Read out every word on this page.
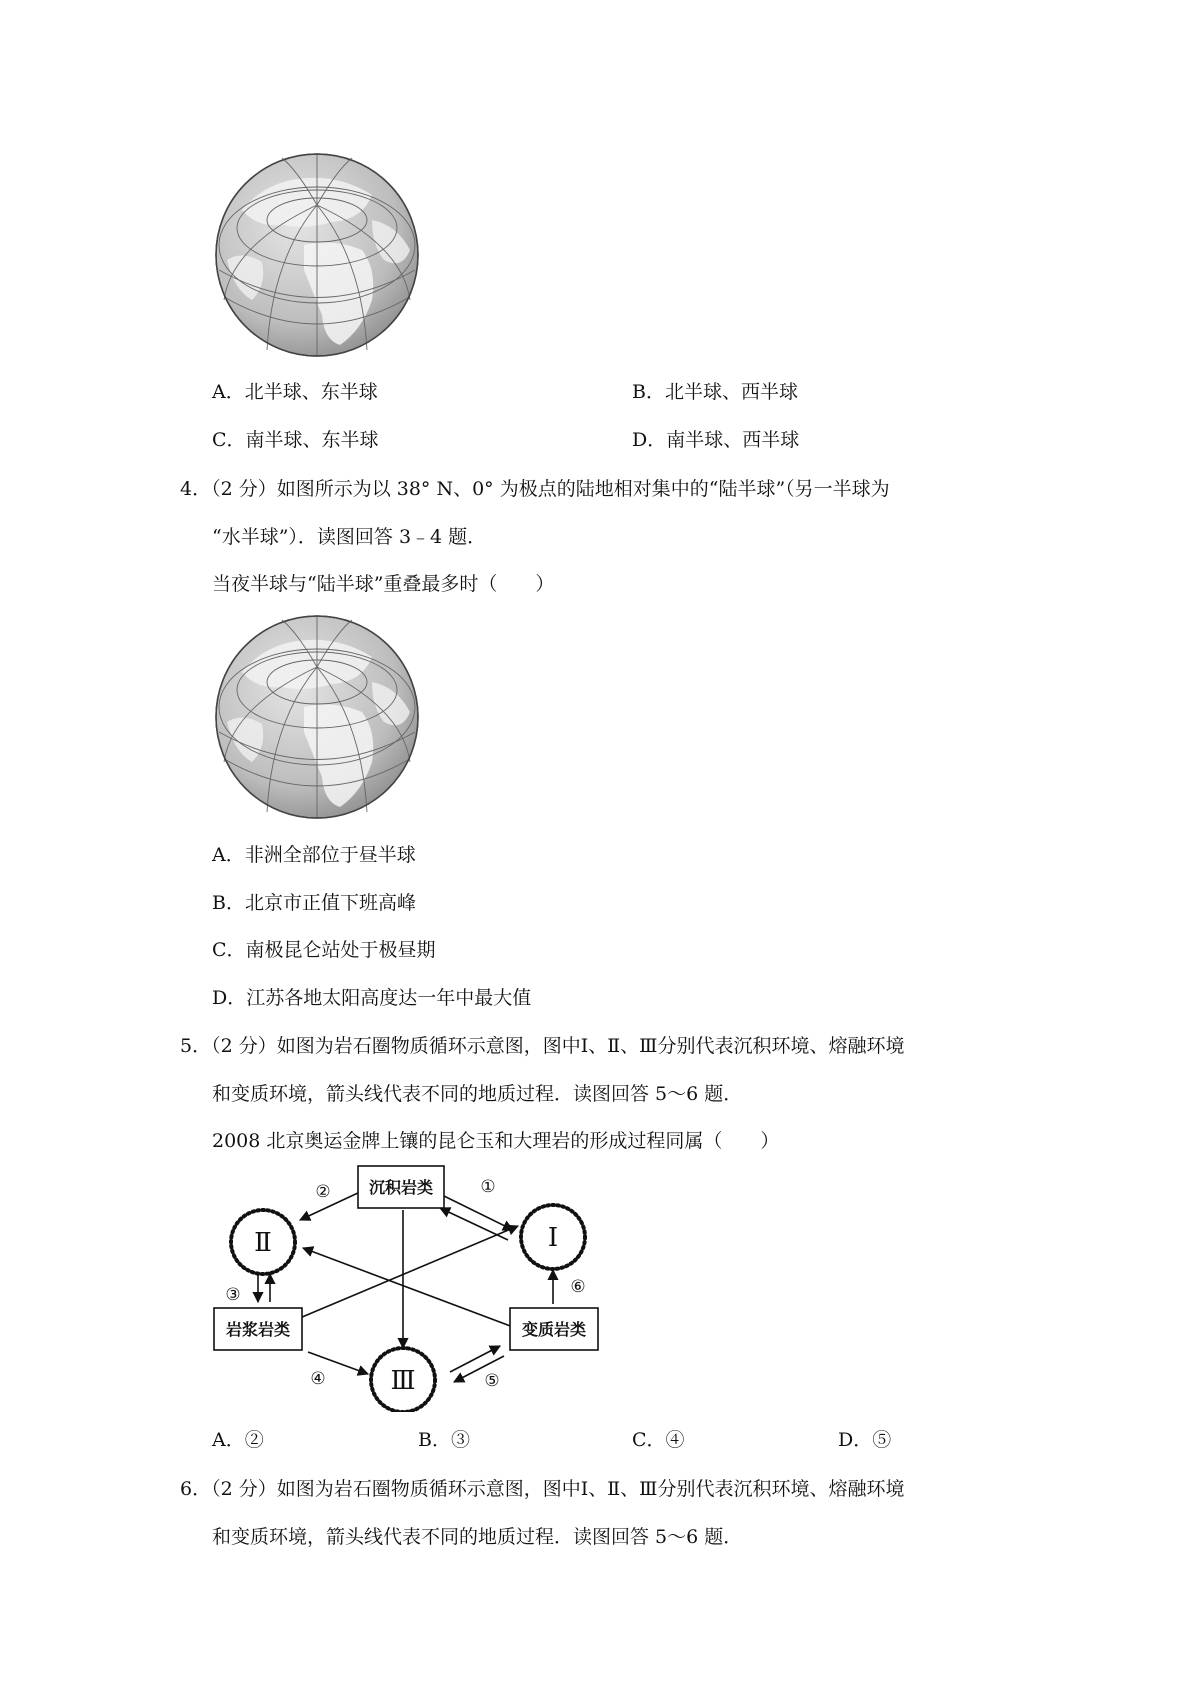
A．北半球、东半球	B．北半球、西半球
C．南半球、东半球	D．南半球、西半球
4．（2 分）如图所示为以 38° N、0° 为极点的陆地相对集中的“陆半球”（另一半球为
“水半球”）．读图回答 3﹣4 题．
当夜半球与“陆半球”重叠最多时（　　）
A．非洲全部位于昼半球
B．北京市正值下班高峰
C．南极昆仑站处于极昼期
D．江苏各地太阳高度达一年中最大值
5．（2 分）如图为岩石圈物质循环示意图，图中Ⅰ、Ⅱ、Ⅲ分别代表沉积环境、熔融环境
和变质环境，箭头线代表不同的地质过程．读图回答 5～6 题．
2008 北京奥运金牌上镶的昆仑玉和大理岩的形成过程同属（　　）
沉积岩类
岩浆岩类	变质岩类
Ⅰ
Ⅱ
Ⅲ
①
②
③
④	⑤
⑥
A．②	B．③	C．④	D．⑤
6．（2 分）如图为岩石圈物质循环示意图，图中Ⅰ、Ⅱ、Ⅲ分别代表沉积环境、熔融环境
和变质环境，箭头线代表不同的地质过程．读图回答 5～6 题．
